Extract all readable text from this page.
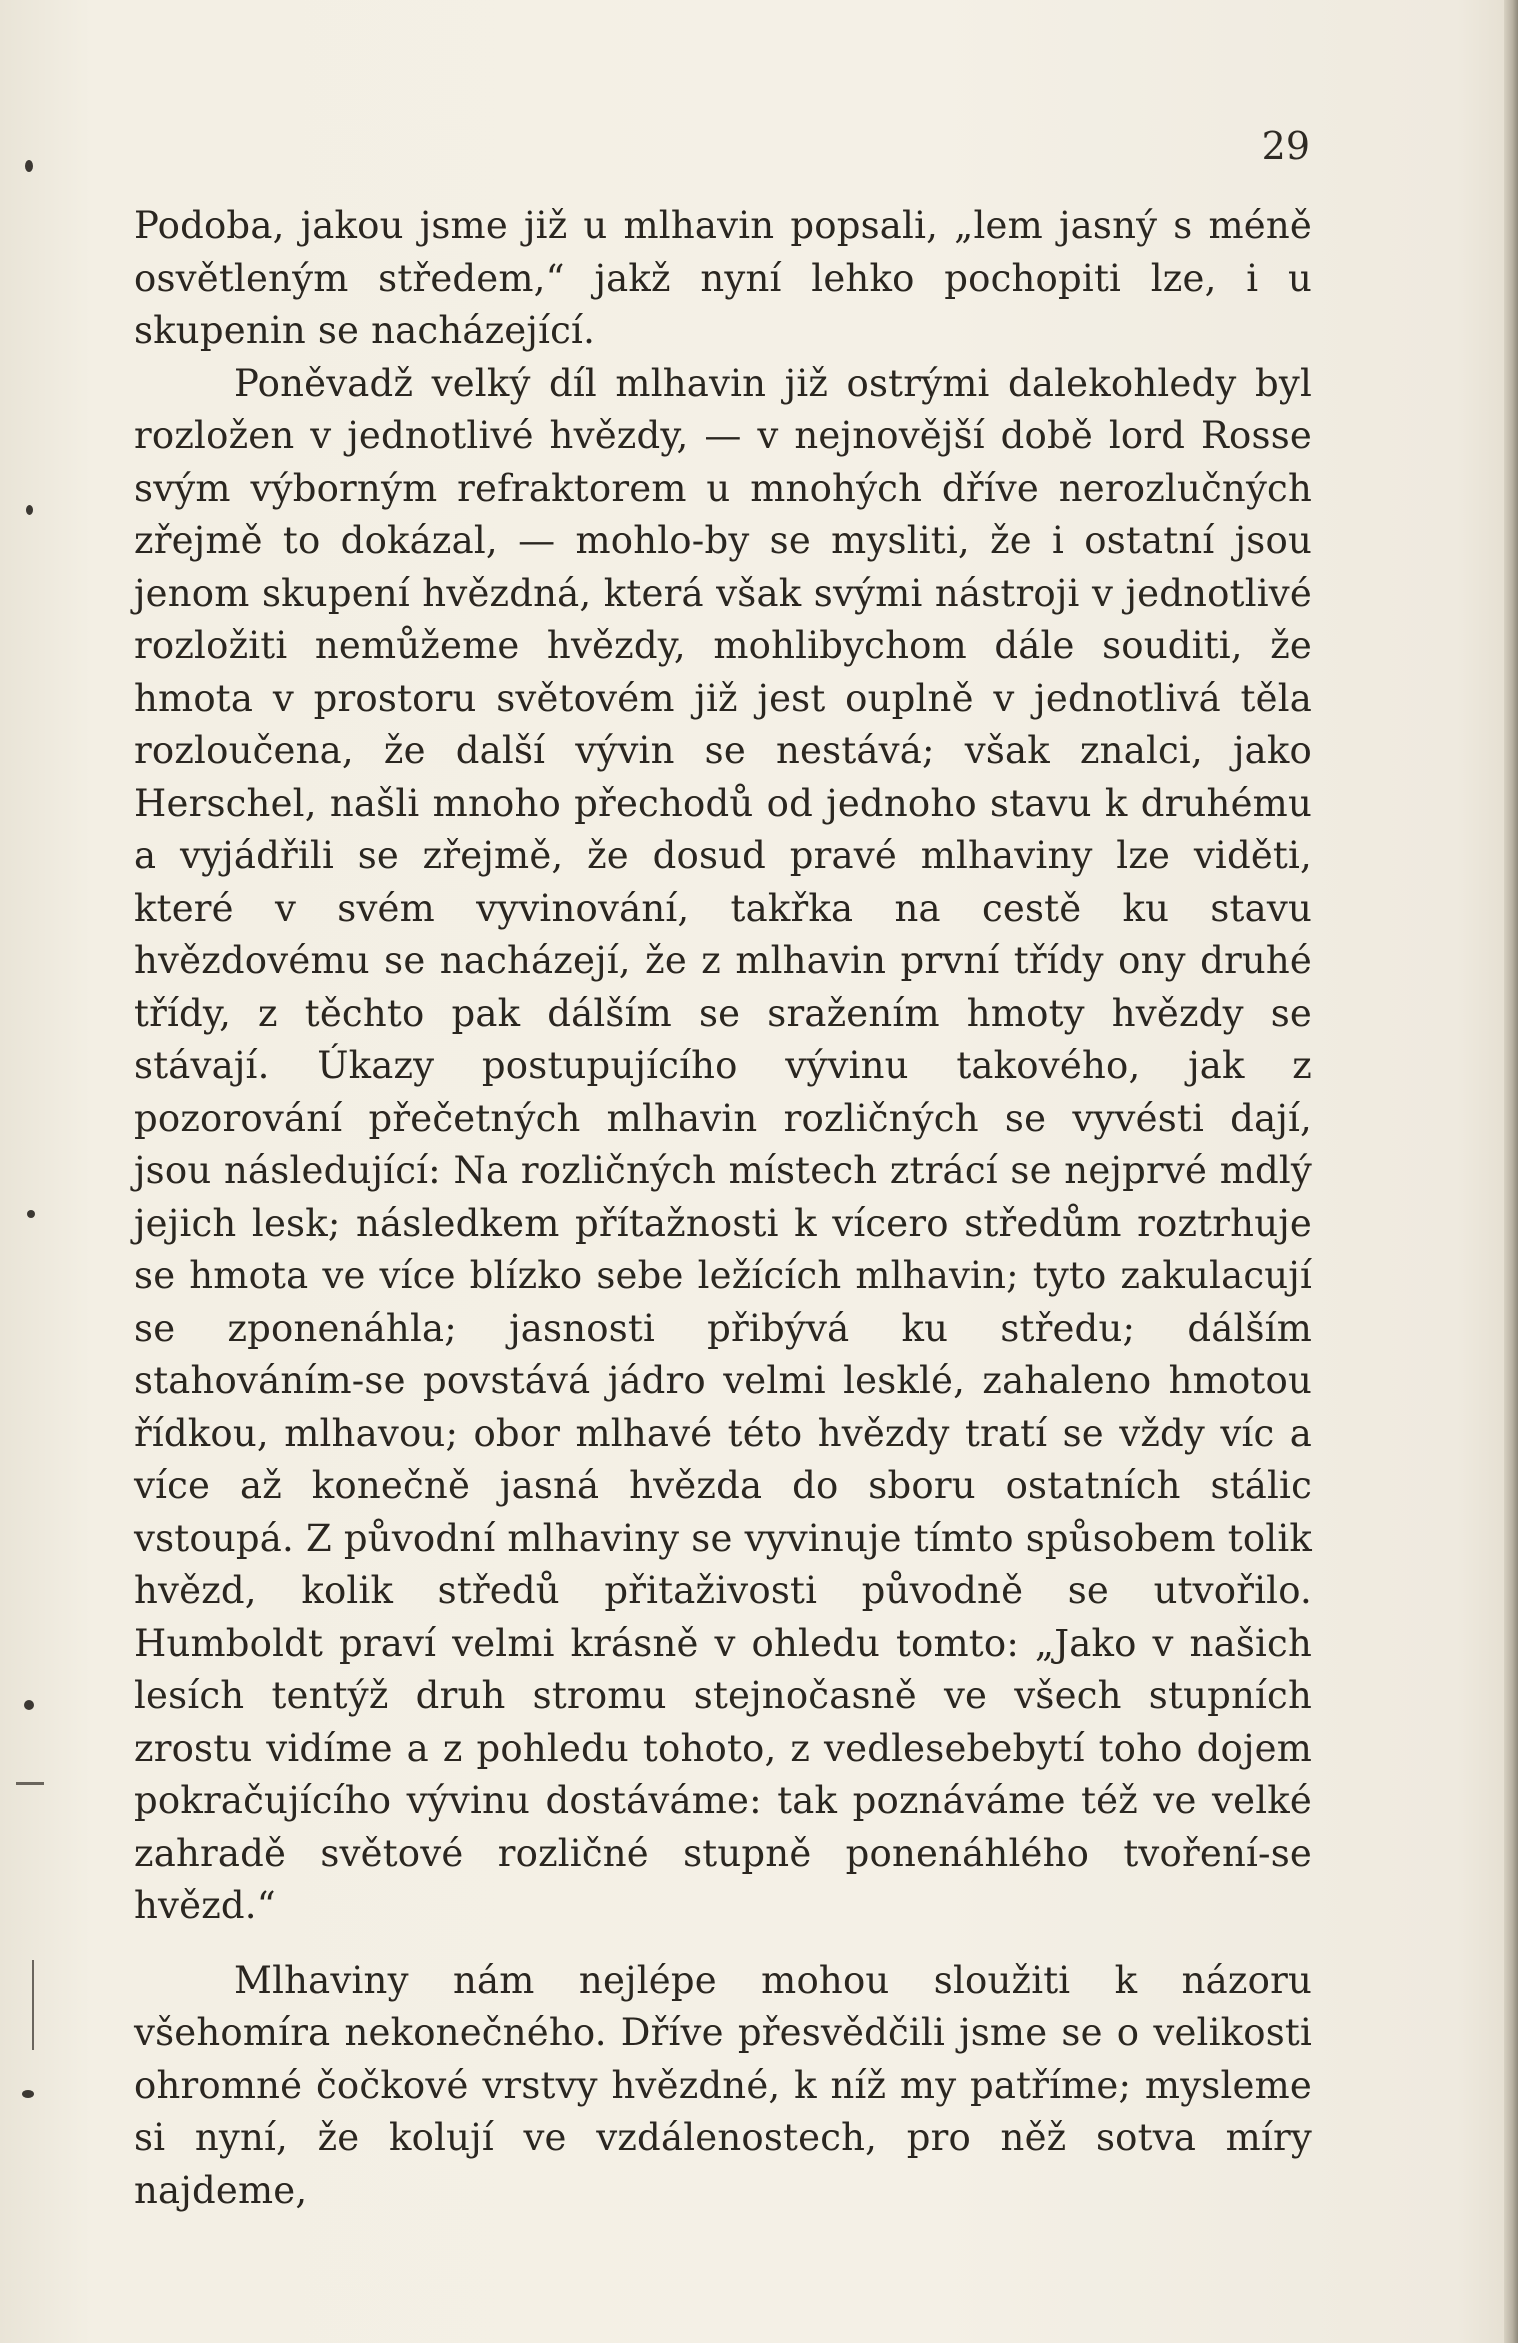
29

Podoba, jakou jsme již u mlhavin popsali, „lem jasný s méně osvětleným středem,“ jakž nyní lehko pochopiti lze, i u skupenin se nacházející.

Poněvadž velký díl mlhavin již ostrými dalekohledy byl rozložen v jednotlivé hvězdy, — v nejnovější době lord Rosse svým výborným refraktorem u mnohých dříve nerozlučných zřejmě to dokázal, — mohlo-by se mysliti, že i ostatní jsou jenom skupení hvězdná, která však svými nástroji v jednotlivé rozložiti nemůžeme hvězdy, mohlibychom dále souditi, že hmota v prostoru světovém již jest ouplně v jednotlivá těla rozloučena, že další vývin se nestává; však znalci, jako Herschel, našli mnoho přechodů od jednoho stavu k druhému a vyjádřili se zřejmě, že dosud pravé mlhaviny lze viděti, které v svém vyvinování, takřka na cestě ku stavu hvězdovému se nacházejí, že z mlhavin první třídy ony druhé třídy, z těchto pak dálším se sražením hmoty hvězdy se stávají. Úkazy postupujícího vývinu takového, jak z pozorování přečetných mlhavin rozličných se vyvésti dají, jsou následující: Na rozličných místech ztrácí se nejprvé mdlý jejich lesk; následkem přítažnosti k vícero středům roztrhuje se hmota ve více blízko sebe ležících mlhavin; tyto zakulacují se zponenáhla; jasnosti přibývá ku středu; dálším stahováním-se povstává jádro velmi lesklé, zahaleno hmotou řídkou, mlhavou; obor mlhavé této hvězdy tratí se vždy víc a více až konečně jasná hvězda do sboru ostatních stálic vstoupá. Z původní mlhaviny se vyvinuje tímto spůsobem tolik hvězd, kolik středů přitaživosti původně se utvořilo. Humboldt praví velmi krásně v ohledu tomto: „Jako v našich lesích tentýž druh stromu stejnočasně ve všech stupních zrostu vidíme a z pohledu tohoto, z vedlesebebytí toho dojem pokračujícího vývinu dostáváme: tak poznáváme též ve velké zahradě světové rozličné stupně ponenáhlého tvoření-se hvězd.“

Mlhaviny nám nejlépe mohou sloužiti k názoru všehomíra nekonečného. Dříve přesvědčili jsme se o velikosti ohromné čočkové vrstvy hvězdné, k níž my patříme; mysleme si nyní, že kolují ve vzdálenostech, pro něž sotva míry najdeme,
